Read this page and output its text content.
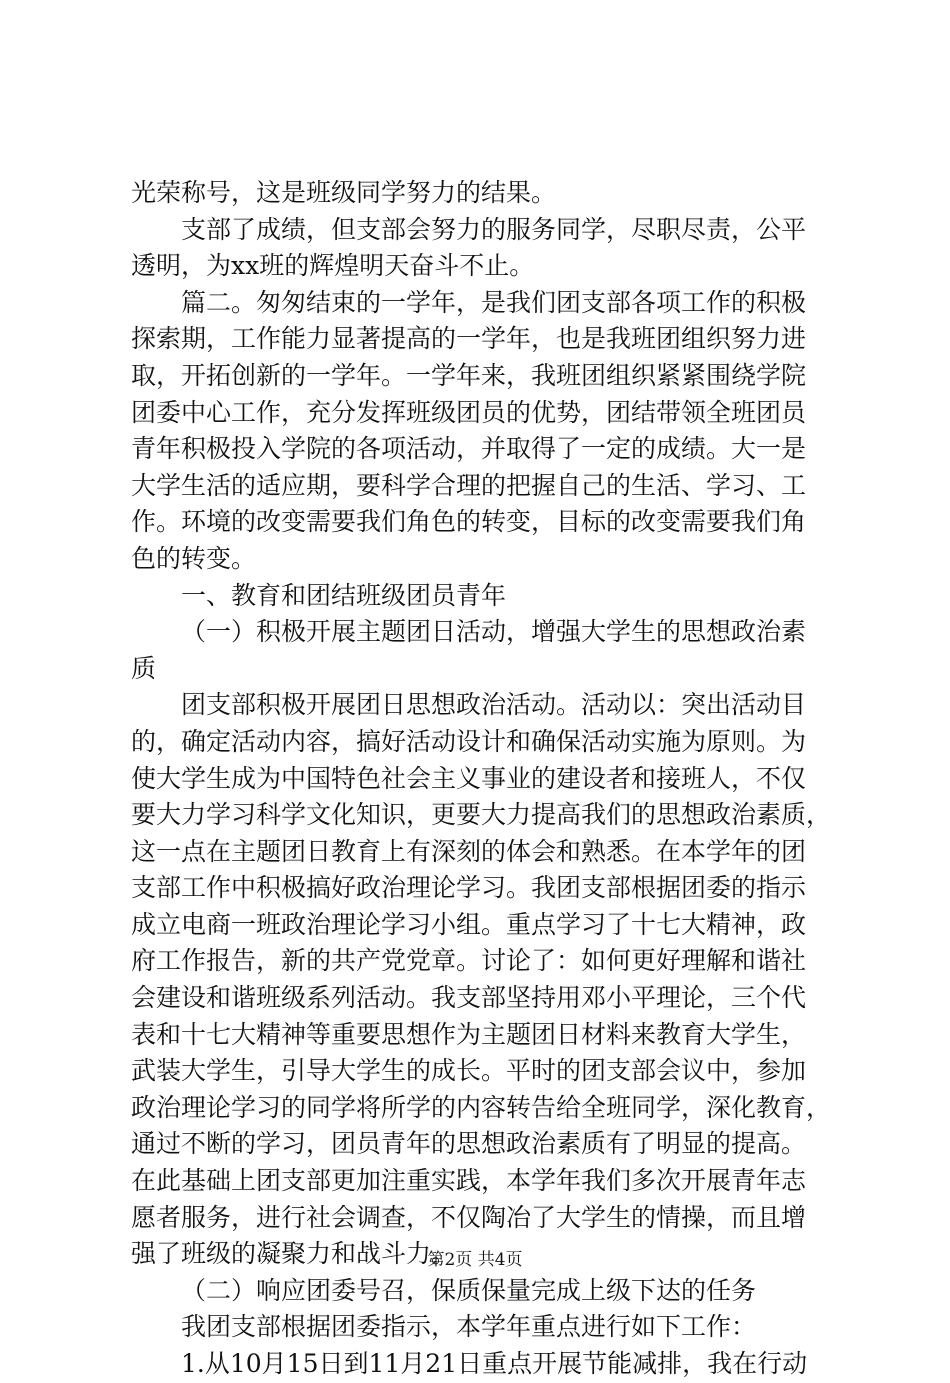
光荣称号，这是班级同学努力的结果。
支部了成绩，但支部会努力的服务同学，尽职尽责，公平
透明，为xx班的辉煌明天奋斗不止。
篇二。匆匆结束的一学年，是我们团支部各项工作的积极
探索期，工作能力显著提高的一学年，也是我班团组织努力进
取，开拓创新的一学年。一学年来，我班团组织紧紧围绕学院
团委中心工作，充分发挥班级团员的优势，团结带领全班团员
青年积极投入学院的各项活动，并取得了一定的成绩。大一是
大学生活的适应期，要科学合理的把握自己的生活、学习、工
作。环境的改变需要我们角色的转变，目标的改变需要我们角
色的转变。
一、教育和团结班级团员青年
（一）积极开展主题团日活动，增强大学生的思想政治素
质
团支部积极开展团日思想政治活动。活动以：突出活动目
的，确定活动内容，搞好活动设计和确保活动实施为原则。为
使大学生成为中国特色社会主义事业的建设者和接班人，不仅
要大力学习科学文化知识，更要大力提高我们的思想政治素质，
这一点在主题团日教育上有深刻的体会和熟悉。在本学年的团
支部工作中积极搞好政治理论学习。我团支部根据团委的指示
成立电商一班政治理论学习小组。重点学习了十七大精神，政
府工作报告，新的共产党党章。讨论了：如何更好理解和谐社
会建设和谐班级系列活动。我支部坚持用邓小平理论，三个代
表和十七大精神等重要思想作为主题团日材料来教育大学生，
武装大学生，引导大学生的成长。平时的团支部会议中，参加
政治理论学习的同学将所学的内容转告给全班同学，深化教育，
通过不断的学习，团员青年的思想政治素质有了明显的提高。
在此基础上团支部更加注重实践，本学年我们多次开展青年志
愿者服务，进行社会调查，不仅陶冶了大学生的情操，而且增
强了班级的凝聚力和战斗力。
（二）响应团委号召，保质保量完成上级下达的任务
我团支部根据团委指示，本学年重点进行如下工作：
1.从10月15日到11月21日重点开展节能减排，我在行动
第2页 共4页
